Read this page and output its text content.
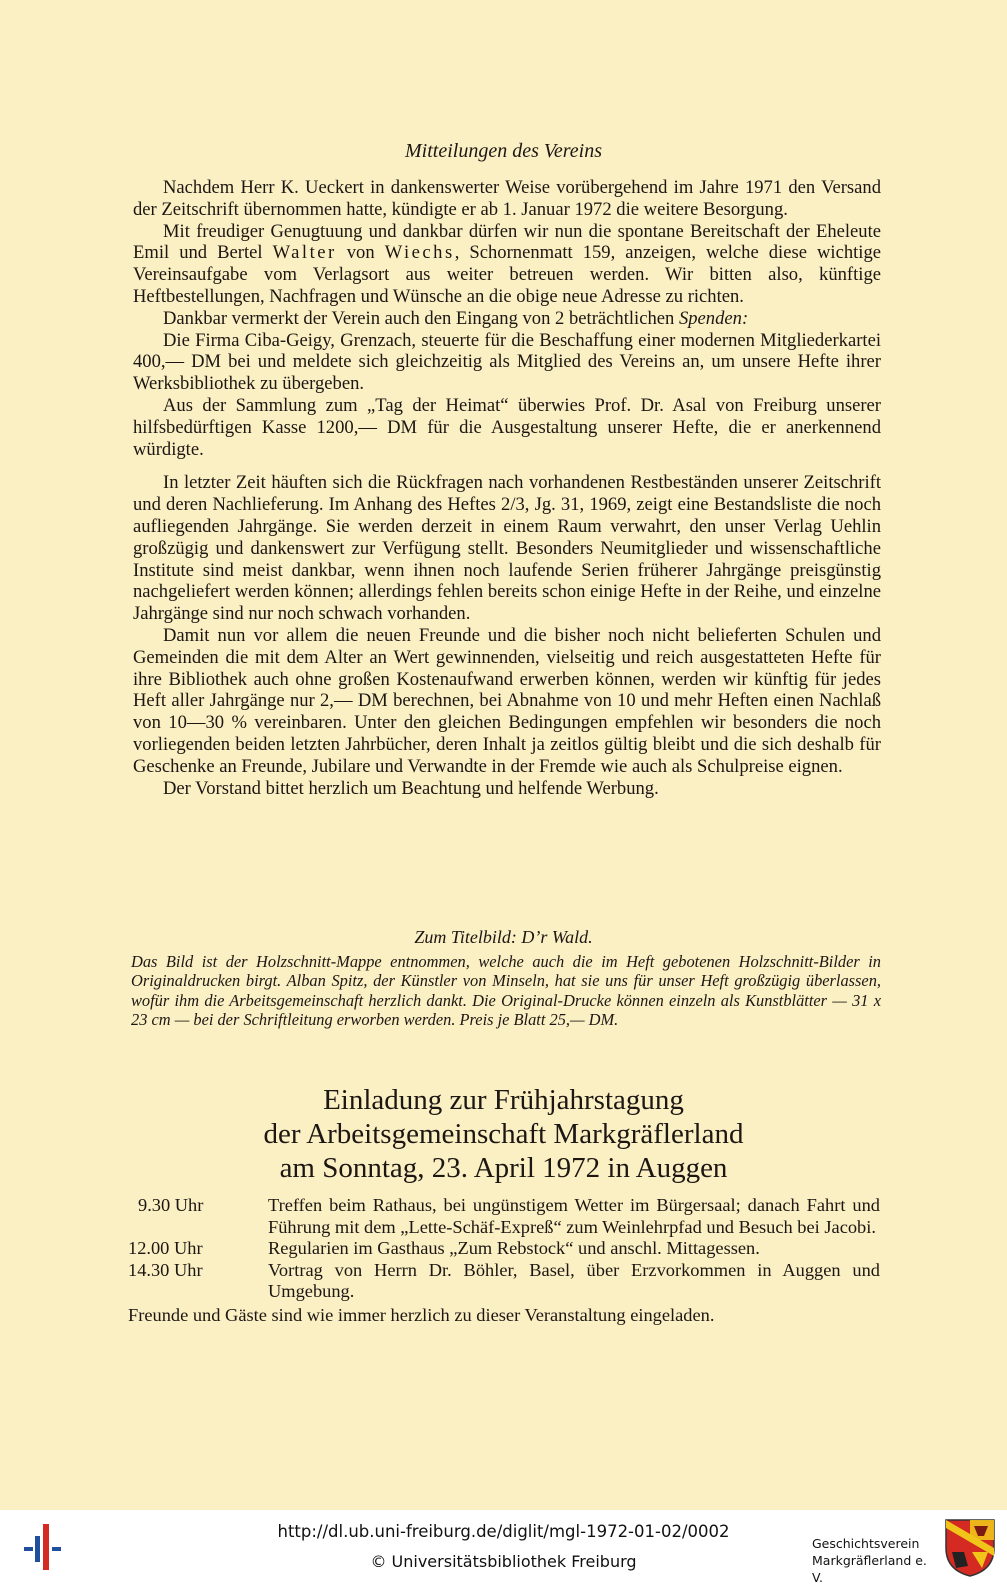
Mitteilungen des Vereins

Nachdem Herr K. Ueckert in dankenswerter Weise vorübergehend im Jahre 1971 den Versand der Zeitschrift übernommen hatte, kündigte er ab 1. Januar 1972 die weitere Besorgung.

Mit freudiger Genugtuung und dankbar dürfen wir nun die spontane Bereitschaft der Eheleute Emil und Bertel Walter von Wiechs, Schornenmatt 159, anzeigen, welche diese wichtige Vereinsaufgabe vom Verlagsort aus weiter betreuen werden. Wir bitten also, künftige Heftbestellungen, Nachfragen und Wünsche an die obige neue Adresse zu richten.

Dankbar vermerkt der Verein auch den Eingang von 2 beträchtlichen Spenden:

Die Firma Ciba-Geigy, Grenzach, steuerte für die Beschaffung einer modernen Mitgliederkartei 400,— DM bei und meldete sich gleichzeitig als Mitglied des Vereins an, um unsere Hefte ihrer Werksbibliothek zu übergeben.

Aus der Sammlung zum „Tag der Heimat“ überwies Prof. Dr. Asal von Freiburg unserer hilfsbedürftigen Kasse 1200,— DM für die Ausgestaltung unserer Hefte, die er anerkennend würdigte.

In letzter Zeit häuften sich die Rückfragen nach vorhandenen Restbeständen unserer Zeitschrift und deren Nachlieferung. Im Anhang des Heftes 2/3, Jg. 31, 1969, zeigt eine Bestandsliste die noch aufliegenden Jahrgänge. Sie werden derzeit in einem Raum verwahrt, den unser Verlag Uehlin großzügig und dankenswert zur Verfügung stellt. Besonders Neumitglieder und wissenschaftliche Institute sind meist dankbar, wenn ihnen noch laufende Serien früherer Jahrgänge preisgünstig nachgeliefert werden können; allerdings fehlen bereits schon einige Hefte in der Reihe, und einzelne Jahrgänge sind nur noch schwach vorhanden.

Damit nun vor allem die neuen Freunde und die bisher noch nicht belieferten Schulen und Gemeinden die mit dem Alter an Wert gewinnenden, vielseitig und reich ausgestatteten Hefte für ihre Bibliothek auch ohne großen Kostenaufwand erwerben können, werden wir künftig für jedes Heft aller Jahrgänge nur 2,— DM berechnen, bei Abnahme von 10 und mehr Heften einen Nachlaß von 10—30 % vereinbaren. Unter den gleichen Bedingungen empfehlen wir besonders die noch vorliegenden beiden letzten Jahrbücher, deren Inhalt ja zeitlos gültig bleibt und die sich deshalb für Geschenke an Freunde, Jubilare und Verwandte in der Fremde wie auch als Schulpreise eignen.

Der Vorstand bittet herzlich um Beachtung und helfende Werbung.

Zum Titelbild: D’r Wald.

Das Bild ist der Holzschnitt-Mappe entnommen, welche auch die im Heft gebotenen Holzschnitt-Bilder in Originaldrucken birgt. Alban Spitz, der Künstler von Minseln, hat sie uns für unser Heft großzügig überlassen, wofür ihm die Arbeitsgemeinschaft herzlich dankt. Die Original-Drucke können einzeln als Kunstblätter — 31 x 23 cm — bei der Schriftleitung erworben werden. Preis je Blatt 25,— DM.

Einladung zur Frühjahrstagung
der Arbeitsgemeinschaft Markgräflerland
am Sonntag, 23. April 1972 in Auggen
9.30 Uhr	Treffen beim Rathaus, bei ungünstigem Wetter im Bürgersaal; danach Fahrt und Führung mit dem „Lette-Schäf-Expreß“ zum Weinlehrpfad und Besuch bei Jacobi.
12.00 Uhr	Regularien im Gasthaus „Zum Rebstock“ und anschl. Mittagessen.
14.30 Uhr	Vortrag von Herrn Dr. Böhler, Basel, über Erzvorkommen in Auggen und Umgebung.
Freunde und Gäste sind wie immer herzlich zu dieser Veranstaltung eingeladen.
http://dl.ub.uni-freiburg.de/diglit/mgl-1972-01-02/0002
© Universitätsbibliothek Freiburg
Geschichtsverein
Markgräflerland e. V.
